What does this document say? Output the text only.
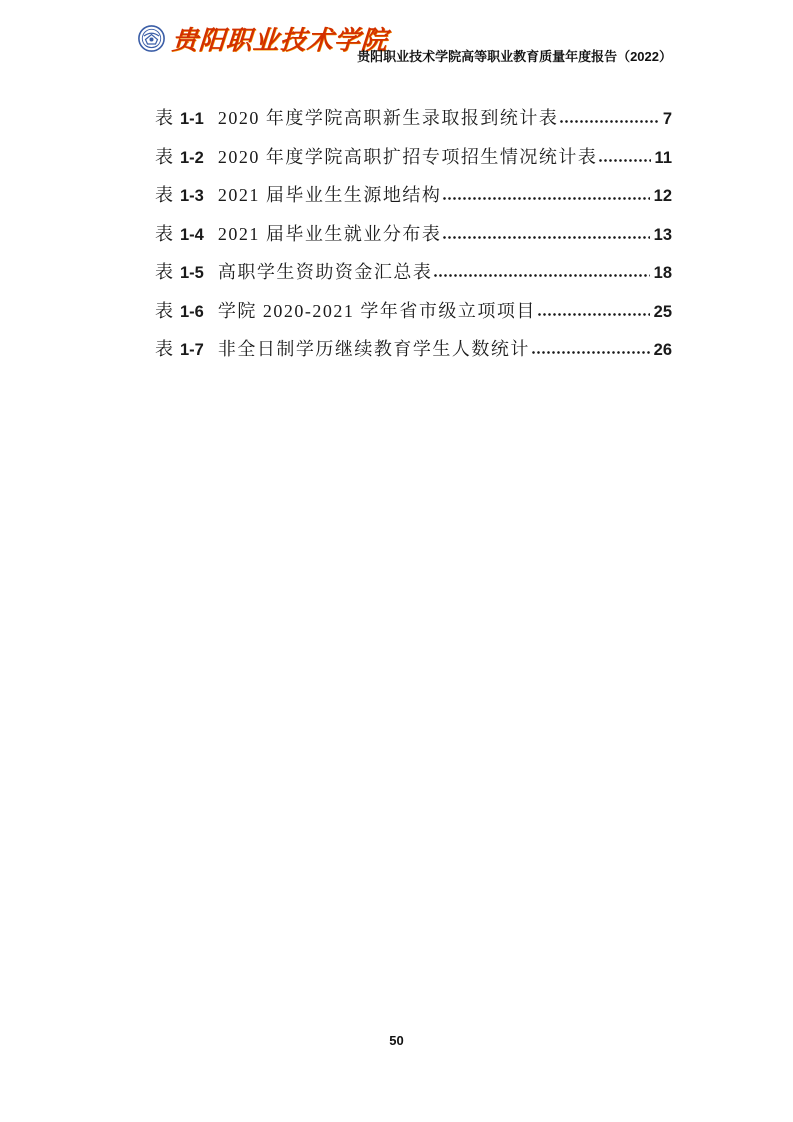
贵阳职业技术学院
贵阳职业技术学院高等职业教育质量年度报告（2022）
表 1-1 2020 年度学院高职新生录取报到统计表	7
表 1-2 2020 年度学院高职扩招专项招生情况统计表	11
表 1-3 2021 届毕业生生源地结构	12
表 1-4 2021 届毕业生就业分布表	13
表 1-5 高职学生资助资金汇总表	18
表 1-6 学院 2020-2021 学年省市级立项项目	25
表 1-7 非全日制学历继续教育学生人数统计	26
50
